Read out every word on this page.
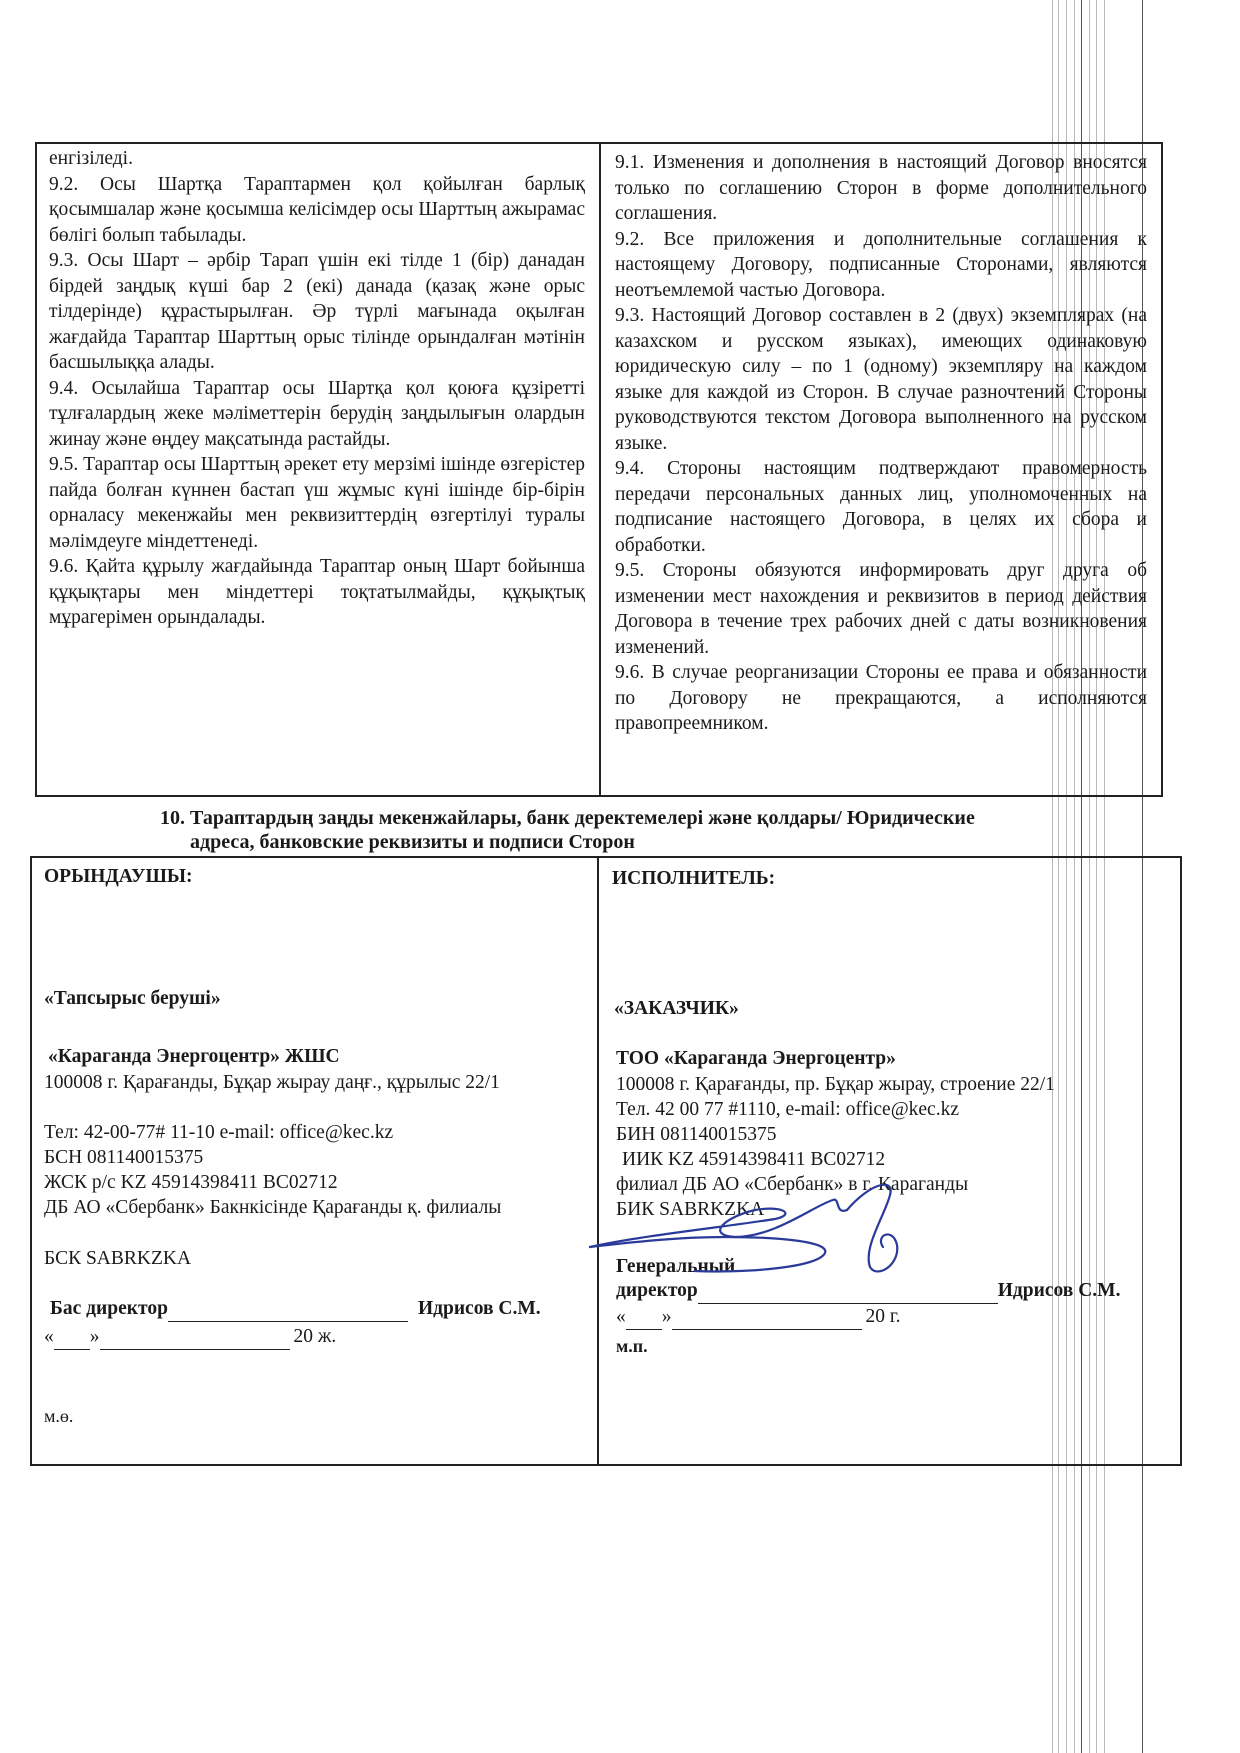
енгізіледі.

9.2. Осы Шартқа Тараптармен қол қойылған барлық қосымшалар және қосымша келісімдер осы Шарттың ажырамас бөлігі болып табылады.

9.3. Осы Шарт – әрбір Тарап үшін екі тілде 1 (бір) данадан бірдей заңдық күші бар 2 (екі) данада (қазақ және орыс тілдерінде) құрастырылған. Әр түрлі мағынада оқылған жағдайда Тараптар Шарттың орыс тілінде орындалған мәтінін басшылыққа алады.

9.4. Осылайша Тараптар осы Шартқа қол қоюға құзіретті тұлғалардың жеке мәліметтерін берудің заңдылығын олардын жинау және өңдеу мақсатында растайды.

9.5. Тараптар осы Шарттың әрекет ету мерзімі ішінде өзгерістер пайда болған күннен бастап үш жұмыс күні ішінде бір-бірін орналасу мекенжайы мен реквизиттердің өзгертілуі туралы мәлімдеуге міндеттенеді.

9.6. Қайта құрылу жағдайында Тараптар оның Шарт бойынша құқықтары мен міндеттері тоқтатылмайды, құқықтық мұрагерімен орындалады.

9.1. Изменения и дополнения в настоящий Договор вносятся только по соглашению Сторон в форме дополнительного соглашения.

9.2. Все приложения и дополнительные соглашения к настоящему Договору, подписанные Сторонами, являются неотъемлемой частью Договора.

9.3. Настоящий Договор составлен в 2 (двух) экземплярах (на казахском и русском языках), имеющих одинаковую юридическую силу – по 1 (одному) экземпляру на каждом языке для каждой из Сторон. В случае разночтений Стороны руководствуются текстом Договора выполненного на русском языке.

9.4. Стороны настоящим подтверждают правомерность передачи персональных данных лиц, уполномоченных на подписание настоящего Договора, в целях их сбора и обработки.

9.5. Стороны обязуются информировать друг друга об изменении мест нахождения и реквизитов в период действия Договора в течение трех рабочих дней с даты возникновения изменений.

9.6. В случае реорганизации Стороны ее права и обязанности по Договору не прекращаются, а исполняются правопреемником.

10. Тараптардың заңды мекенжайлары, банк деректемелері және қолдары/ Юридические
адреса, банковские реквизиты и подписи Сторон
ОРЫНДАУШЫ:
«Тапсырыс беруші»
«Караганда Энергоцентр» ЖШС
100008 г. Қарағанды, Бұқар жырау даңғ., құрылыс 22/1
Тел: 42-00-77# 11-10 e-mail: office@kec.kz
БСН 081140015375
ЖСК р/с KZ 45914398411 BC02712
ДБ АО «Сбербанк» Бакнкісінде Қарағанды қ. филиалы
БСК SABRKZKA
Бас директор	Идрисов С.М.
« »	20 ж.
м.ө.
ИСПОЛНИТЕЛЬ:
«ЗАКАЗЧИК»
ТОО «Караганда Энергоцентр»
100008 г. Қарағанды, пр. Бұқар жырау, строение 22/1
Тел. 42 00 77 #1110, e-mail: office@kec.kz
БИН 081140015375
ИИК KZ 45914398411 BC02712
филиал ДБ АО «Сбербанк» в г. Қараганды
БИК SABRKZKA
Генеральный
директор	Идрисов С.М.
« »	20 г.
м.п.
